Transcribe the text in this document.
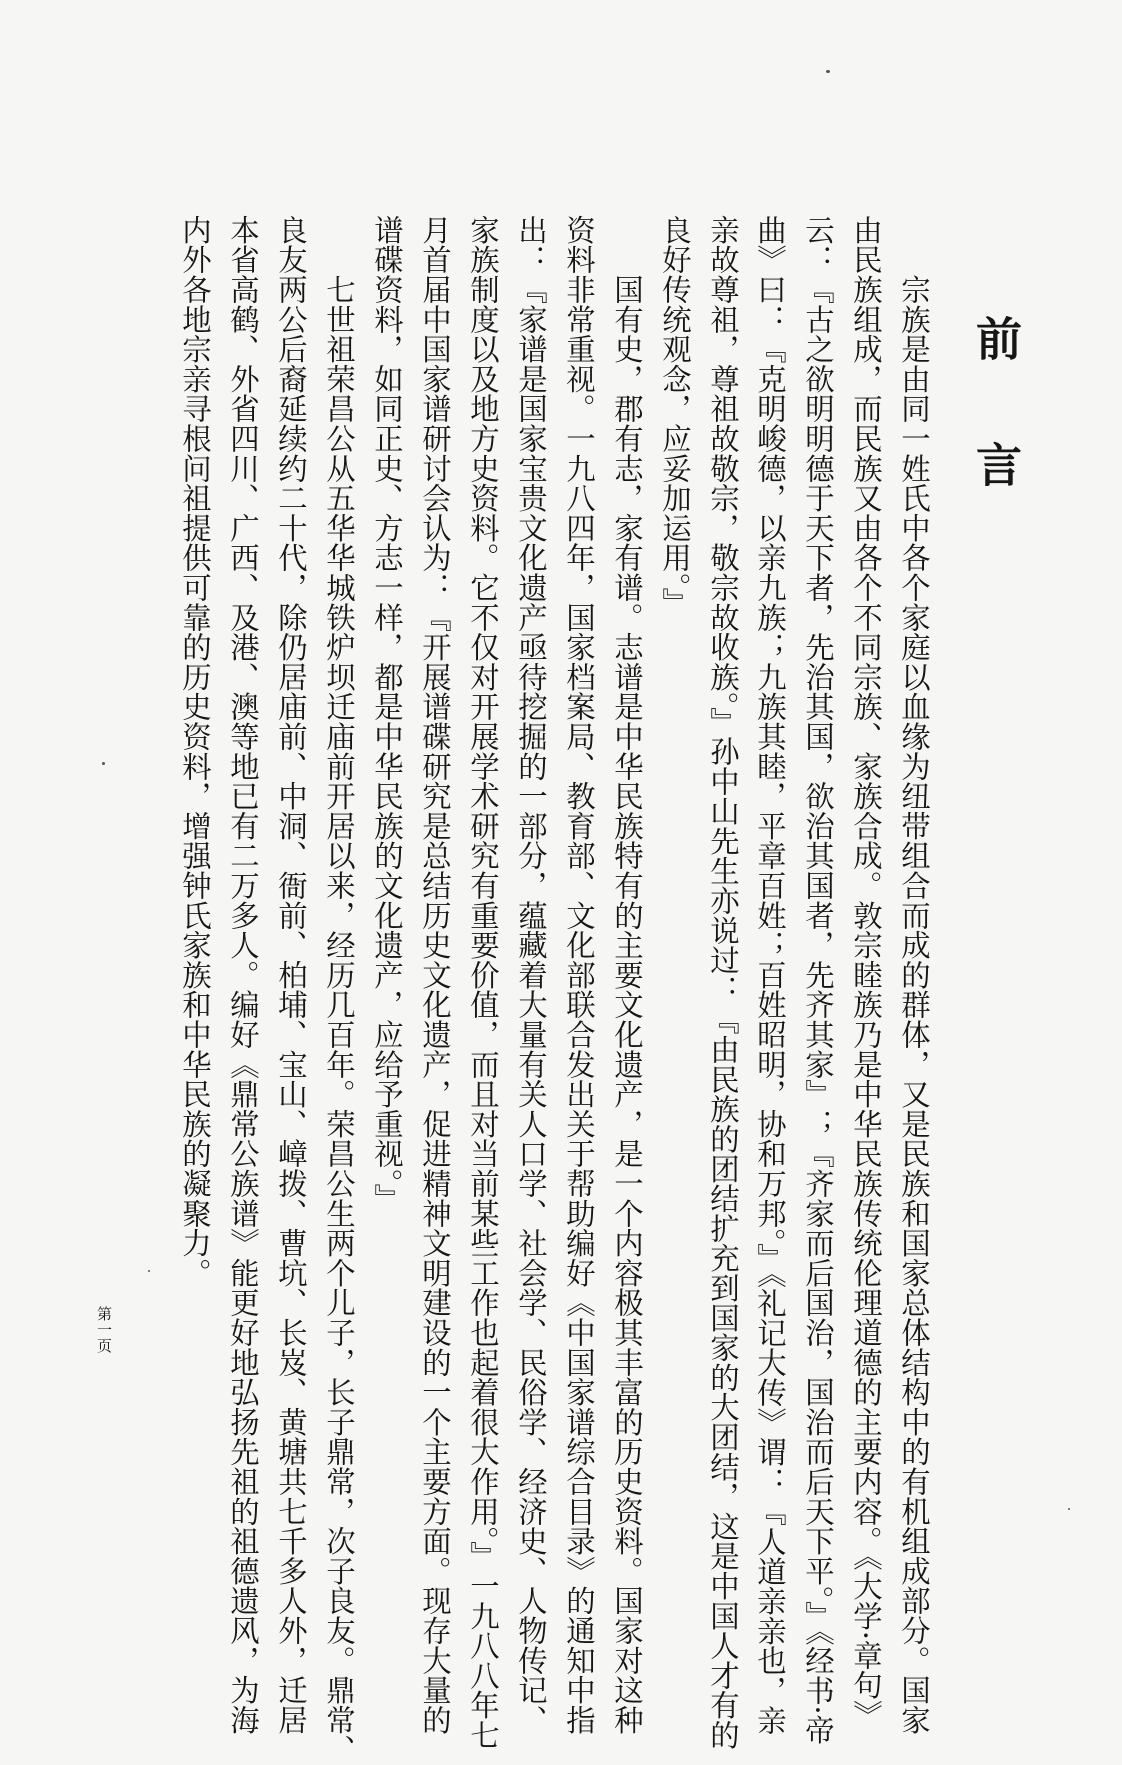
前 言
　　宗族是由同一姓氏中各个家庭以血缘为纽带组合而成的群体，又是民族和国家总体结构中的有机组成部分。国家
由民族组成，而民族又由各个不同宗族、家族合成。敦宗睦族乃是中华民族传统伦理道德的主要内容。《大学·章句》
云：『古之欲明明德于天下者，先治其国，欲治其国者，先齐其家』；『齐家而后国治，国治而后天下平。』《经书·帝
曲》曰：『克明峻德，以亲九族；九族其睦，平章百姓；百姓昭明，协和万邦。』《礼记大传》谓：『人道亲亲也，亲
亲故尊祖，尊祖故敬宗，敬宗故收族。』孙中山先生亦说过：『由民族的团结扩充到国家的大团结，这是中国人才有的
良好传统观念，应妥加运用。』
　　国有史，郡有志，家有谱。志谱是中华民族特有的主要文化遗产，是一个内容极其丰富的历史资料。国家对这种
资料非常重视。一九八四年，国家档案局、教育部、文化部联合发出关于帮助编好《中国家谱综合目录》的通知中指
出：『家谱是国家宝贵文化遗产亟待挖掘的一部分，蕴藏着大量有关人口学、社会学、民俗学、经济史、人物传记、
家族制度以及地方史资料。它不仅对开展学术研究有重要价值，而且对当前某些工作也起着很大作用。』一九八八年七
月首届中国家谱研讨会认为：『开展谱碟研究是总结历史文化遗产，促进精神文明建设的一个主要方面。现存大量的
谱碟资料，如同正史、方志一样，都是中华民族的文化遗产，应给予重视。』
　　七世祖荣昌公从五华华城铁炉坝迁庙前开居以来，经历几百年。荣昌公生两个儿子，长子鼎常，次子良友。鼎常、
良友两公后裔延续约二十代，除仍居庙前、中洞、衙前、柏埔、宝山、嶂拨、曹坑、长岌、黄塘共七千多人外，迁居
本省高鹤、外省四川、广西、及港、澳等地已有二万多人。编好《鼎常公族谱》能更好地弘扬先祖的祖德遗风，为海
内外各地宗亲寻根问祖提供可靠的历史资料，增强钟氏家族和中华民族的凝聚力。
第一页
